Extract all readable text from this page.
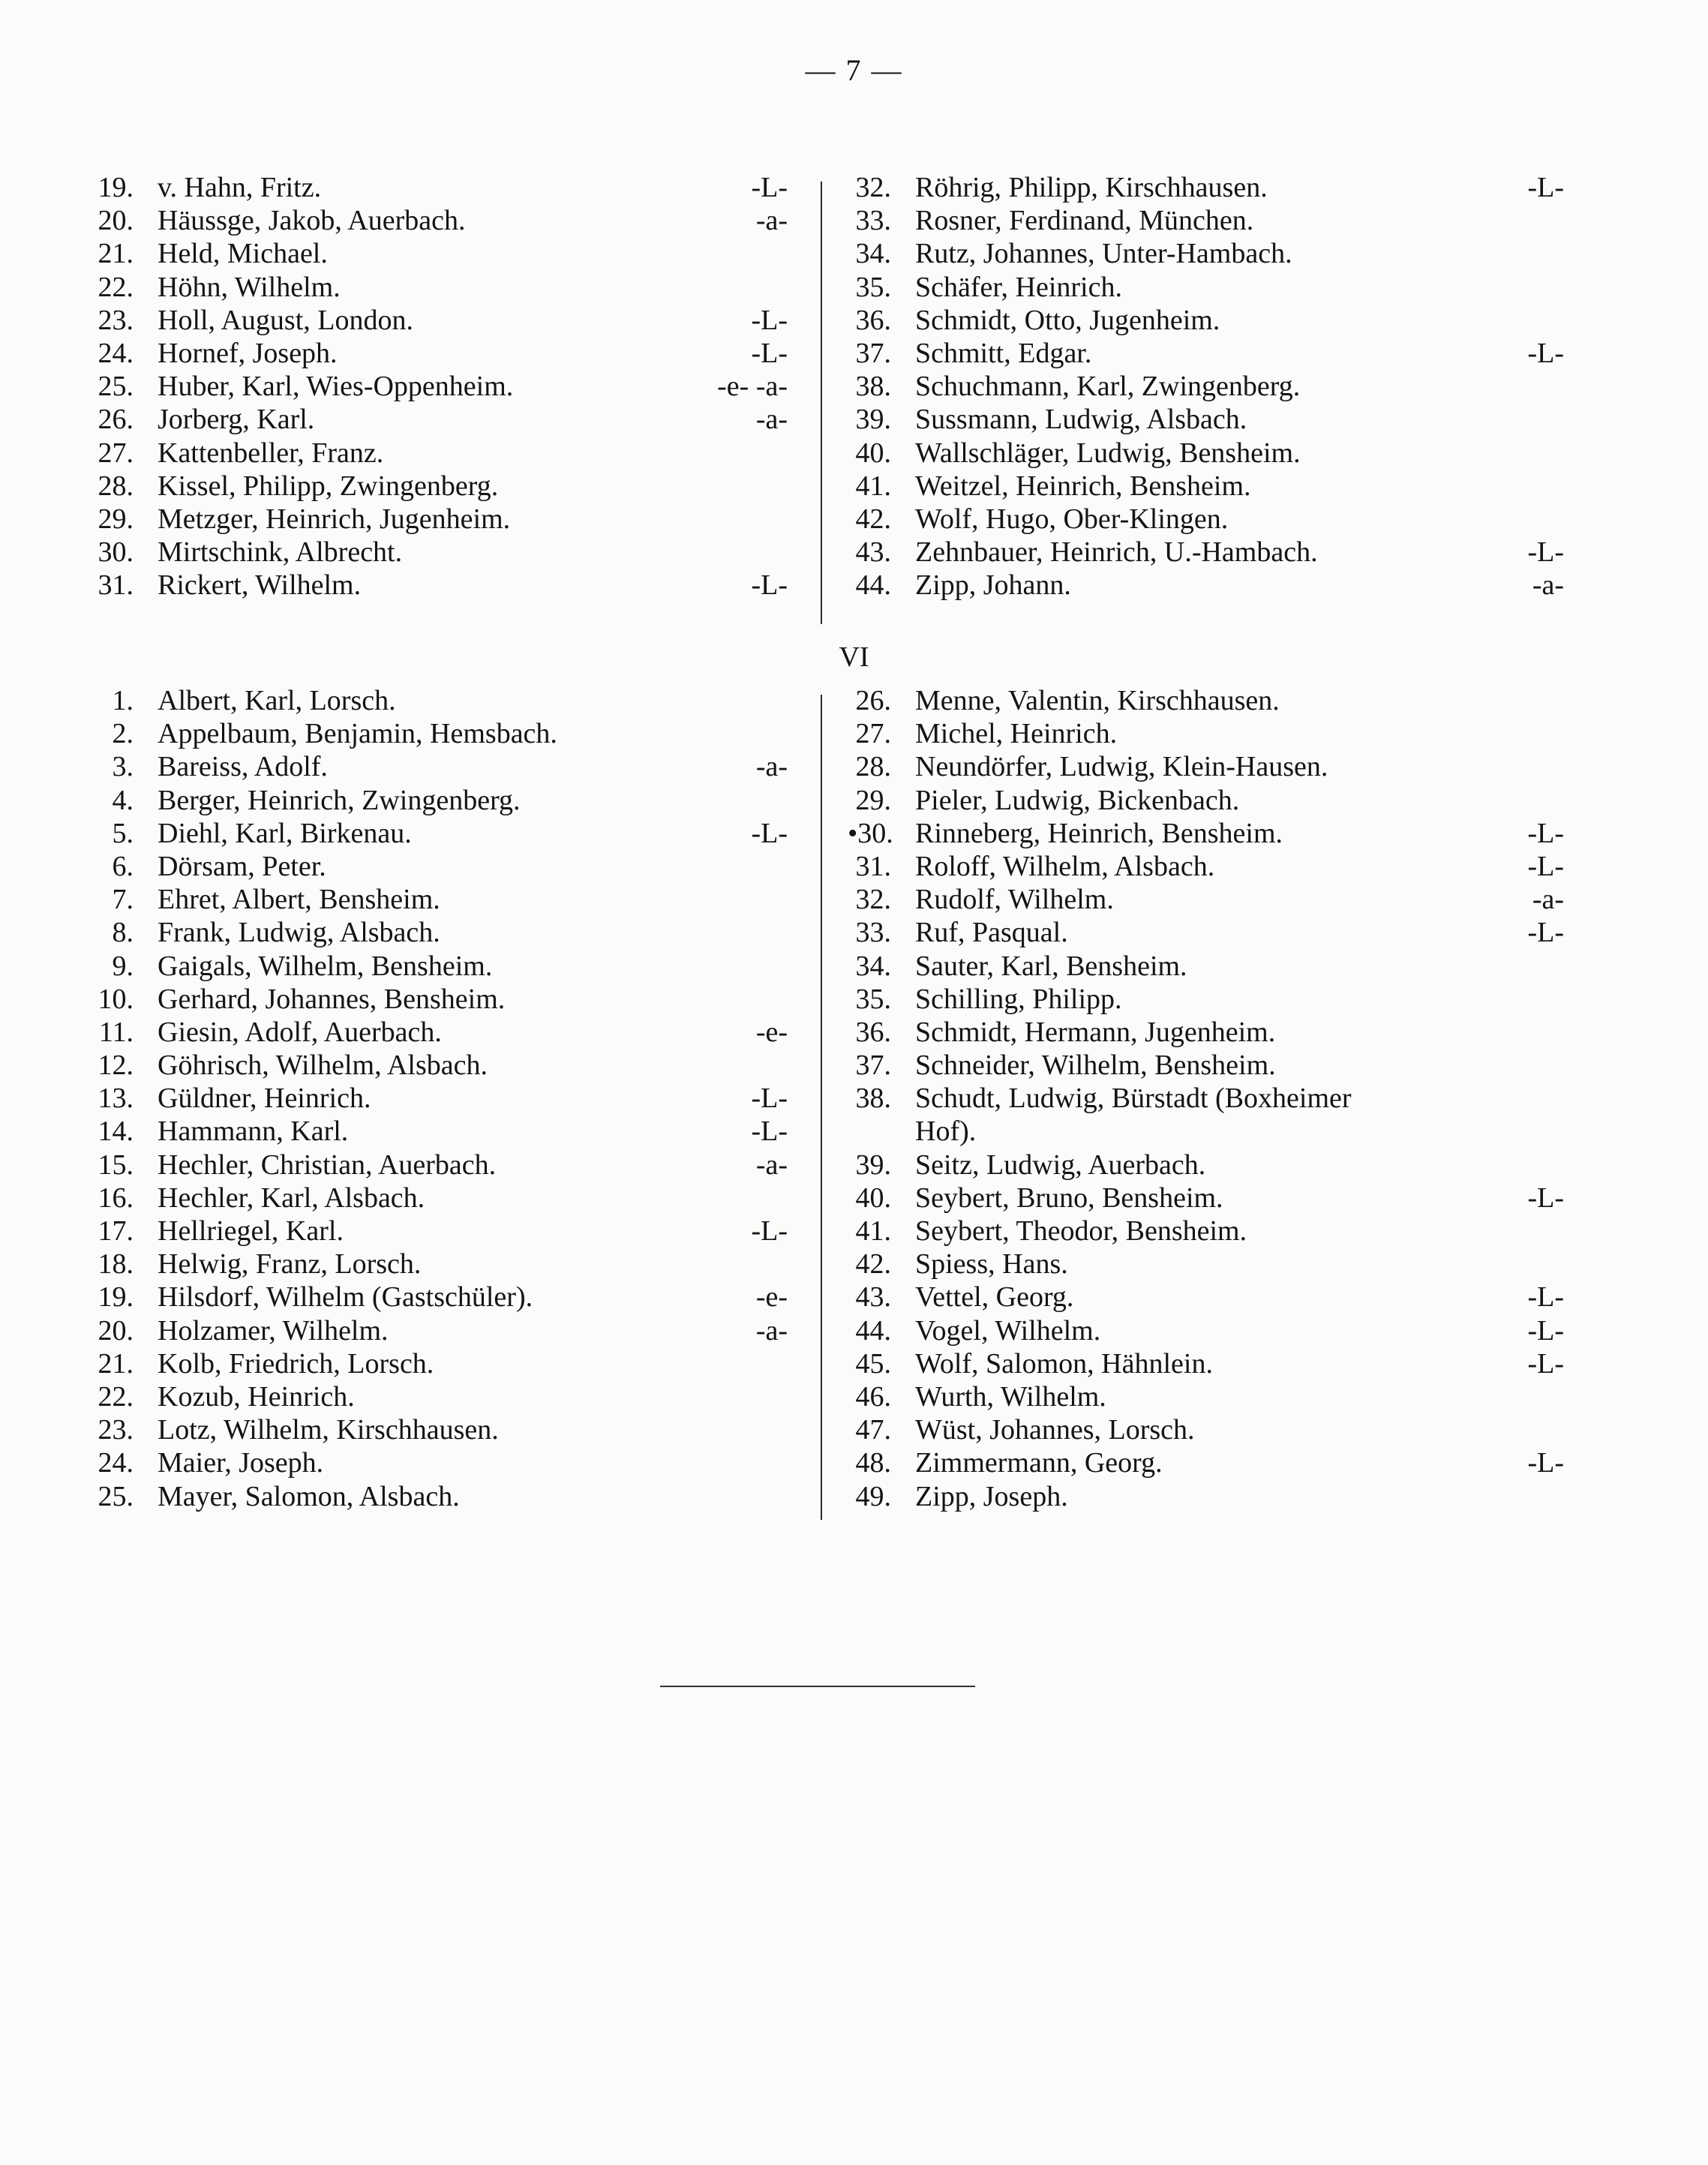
— 7 —
19. v. Hahn, Fritz.	-L-
20. Häussge, Jakob, Auerbach.	-a-
21. Held, Michael.
22. Höhn, Wilhelm.
23. Holl, August, London.	-L-
24. Hornef, Joseph.	-L-
25. Huber, Karl, Wies-Oppenheim.	-e- -a-
26. Jorberg, Karl.	-a-
27. Kattenbeller, Franz.
28. Kissel, Philipp, Zwingenberg.
29. Metzger, Heinrich, Jugenheim.
30. Mirtschink, Albrecht.
31. Rickert, Wilhelm.	-L-
32. Röhrig, Philipp, Kirschhausen.	-L-
33. Rosner, Ferdinand, München.
34. Rutz, Johannes, Unter-Hambach.
35. Schäfer, Heinrich.
36. Schmidt, Otto, Jugenheim.
37. Schmitt, Edgar.	-L-
38. Schuchmann, Karl, Zwingenberg.
39. Sussmann, Ludwig, Alsbach.
40. Wallschläger, Ludwig, Bensheim.
41. Weitzel, Heinrich, Bensheim.
42. Wolf, Hugo, Ober-Klingen.
43. Zehnbauer, Heinrich, U.-Hambach.	-L-
44. Zipp, Johann.	-a-
VI
1. Albert, Karl, Lorsch.
2. Appelbaum, Benjamin, Hemsbach.
3. Bareiss, Adolf.	-a-
4. Berger, Heinrich, Zwingenberg.
5. Diehl, Karl, Birkenau.	-L-
6. Dörsam, Peter.
7. Ehret, Albert, Bensheim.
8. Frank, Ludwig, Alsbach.
9. Gaigals, Wilhelm, Bensheim.
10. Gerhard, Johannes, Bensheim.
11. Giesin, Adolf, Auerbach.	-e-
12. Göhrisch, Wilhelm, Alsbach.
13. Güldner, Heinrich.	-L-
14. Hammann, Karl.	-L-
15. Hechler, Christian, Auerbach.	-a-
16. Hechler, Karl, Alsbach.
17. Hellriegel, Karl.	-L-
18. Helwig, Franz, Lorsch.
19. Hilsdorf, Wilhelm (Gastschüler).	-e-
20. Holzamer, Wilhelm.	-a-
21. Kolb, Friedrich, Lorsch.
22. Kozub, Heinrich.
23. Lotz, Wilhelm, Kirschhausen.
24. Maier, Joseph.
25. Mayer, Salomon, Alsbach.
26. Menne, Valentin, Kirschhausen.
27. Michel, Heinrich.
28. Neundörfer, Ludwig, Klein-Hausen.
29. Pieler, Ludwig, Bickenbach.
•30. Rinneberg, Heinrich, Bensheim.	-L-
31. Roloff, Wilhelm, Alsbach.	-L-
32. Rudolf, Wilhelm.	-a-
33. Ruf, Pasqual.	-L-
34. Sauter, Karl, Bensheim.
35. Schilling, Philipp.
36. Schmidt, Hermann, Jugenheim.
37. Schneider, Wilhelm, Bensheim.
38. Schudt, Ludwig, Bürstadt (Boxheimer
Hof).
39. Seitz, Ludwig, Auerbach.
40. Seybert, Bruno, Bensheim.	-L-
41. Seybert, Theodor, Bensheim.
42. Spiess, Hans.
43. Vettel, Georg.	-L-
44. Vogel, Wilhelm.	-L-
45. Wolf, Salomon, Hähnlein.	-L-
46. Wurth, Wilhelm.
47. Wüst, Johannes, Lorsch.
48. Zimmermann, Georg.	-L-
49. Zipp, Joseph.
